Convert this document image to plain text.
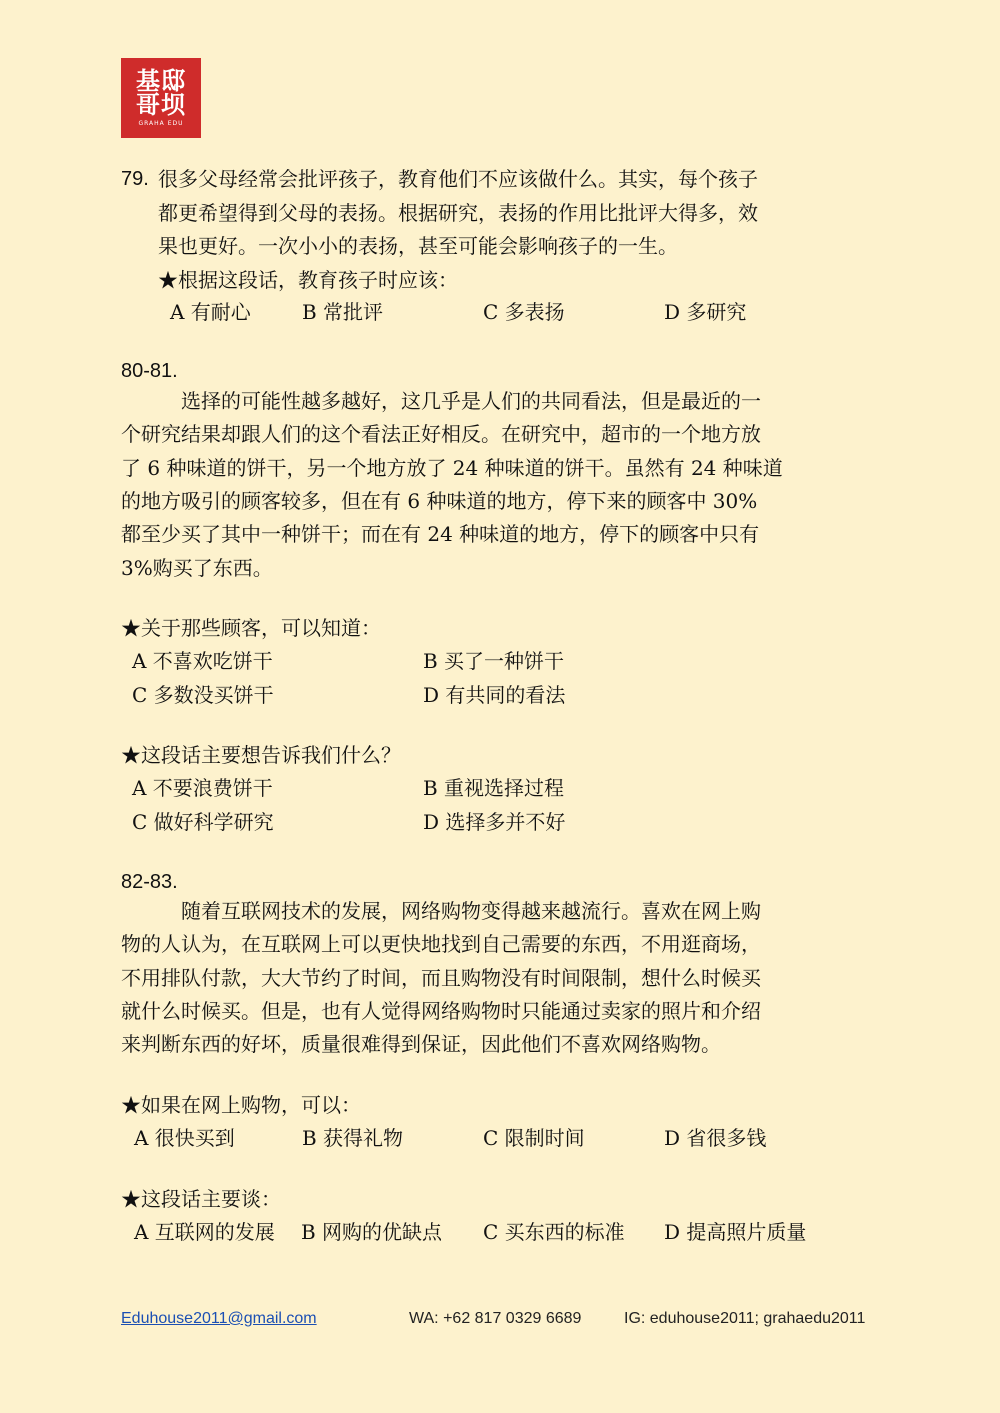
基邸
哥坝
GRAHA EDU
79. 很多父母经常会批评孩子，教育他们不应该做什么。其实，每个孩子
都更希望得到父母的表扬。根据研究，表扬的作用比批评大得多，效
果也更好。一次小小的表扬，甚至可能会影响孩子的一生。
★根据这段话，教育孩子时应该：
A 有耐心	B 常批评	C 多表扬	D 多研究
80-81.
选择的可能性越多越好，这几乎是人们的共同看法，但是最近的一
个研究结果却跟人们的这个看法正好相反。在研究中，超市的一个地方放
了 6 种味道的饼干，另一个地方放了 24 种味道的饼干。虽然有 24 种味道
的地方吸引的顾客较多，但在有 6 种味道的地方，停下来的顾客中 30%
都至少买了其中一种饼干；而在有 24 种味道的地方，停下的顾客中只有
3%购买了东西。
★关于那些顾客，可以知道：
A 不喜欢吃饼干	B 买了一种饼干
C 多数没买饼干	D 有共同的看法
★这段话主要想告诉我们什么？
A 不要浪费饼干	B 重视选择过程
C 做好科学研究	D 选择多并不好
82-83.
随着互联网技术的发展，网络购物变得越来越流行。喜欢在网上购
物的人认为，在互联网上可以更快地找到自己需要的东西，不用逛商场，
不用排队付款，大大节约了时间，而且购物没有时间限制，想什么时候买
就什么时候买。但是，也有人觉得网络购物时只能通过卖家的照片和介绍
来判断东西的好坏，质量很难得到保证，因此他们不喜欢网络购物。
★如果在网上购物，可以：
A 很快买到	B 获得礼物	C 限制时间	D 省很多钱
★这段话主要谈：
A 互联网的发展 B 网购的优缺点 C 买东西的标准 D 提高照片质量
Eduhouse2011@gmail.com	WA: +62 817 0329 6689	IG: eduhouse2011; grahaedu2011
